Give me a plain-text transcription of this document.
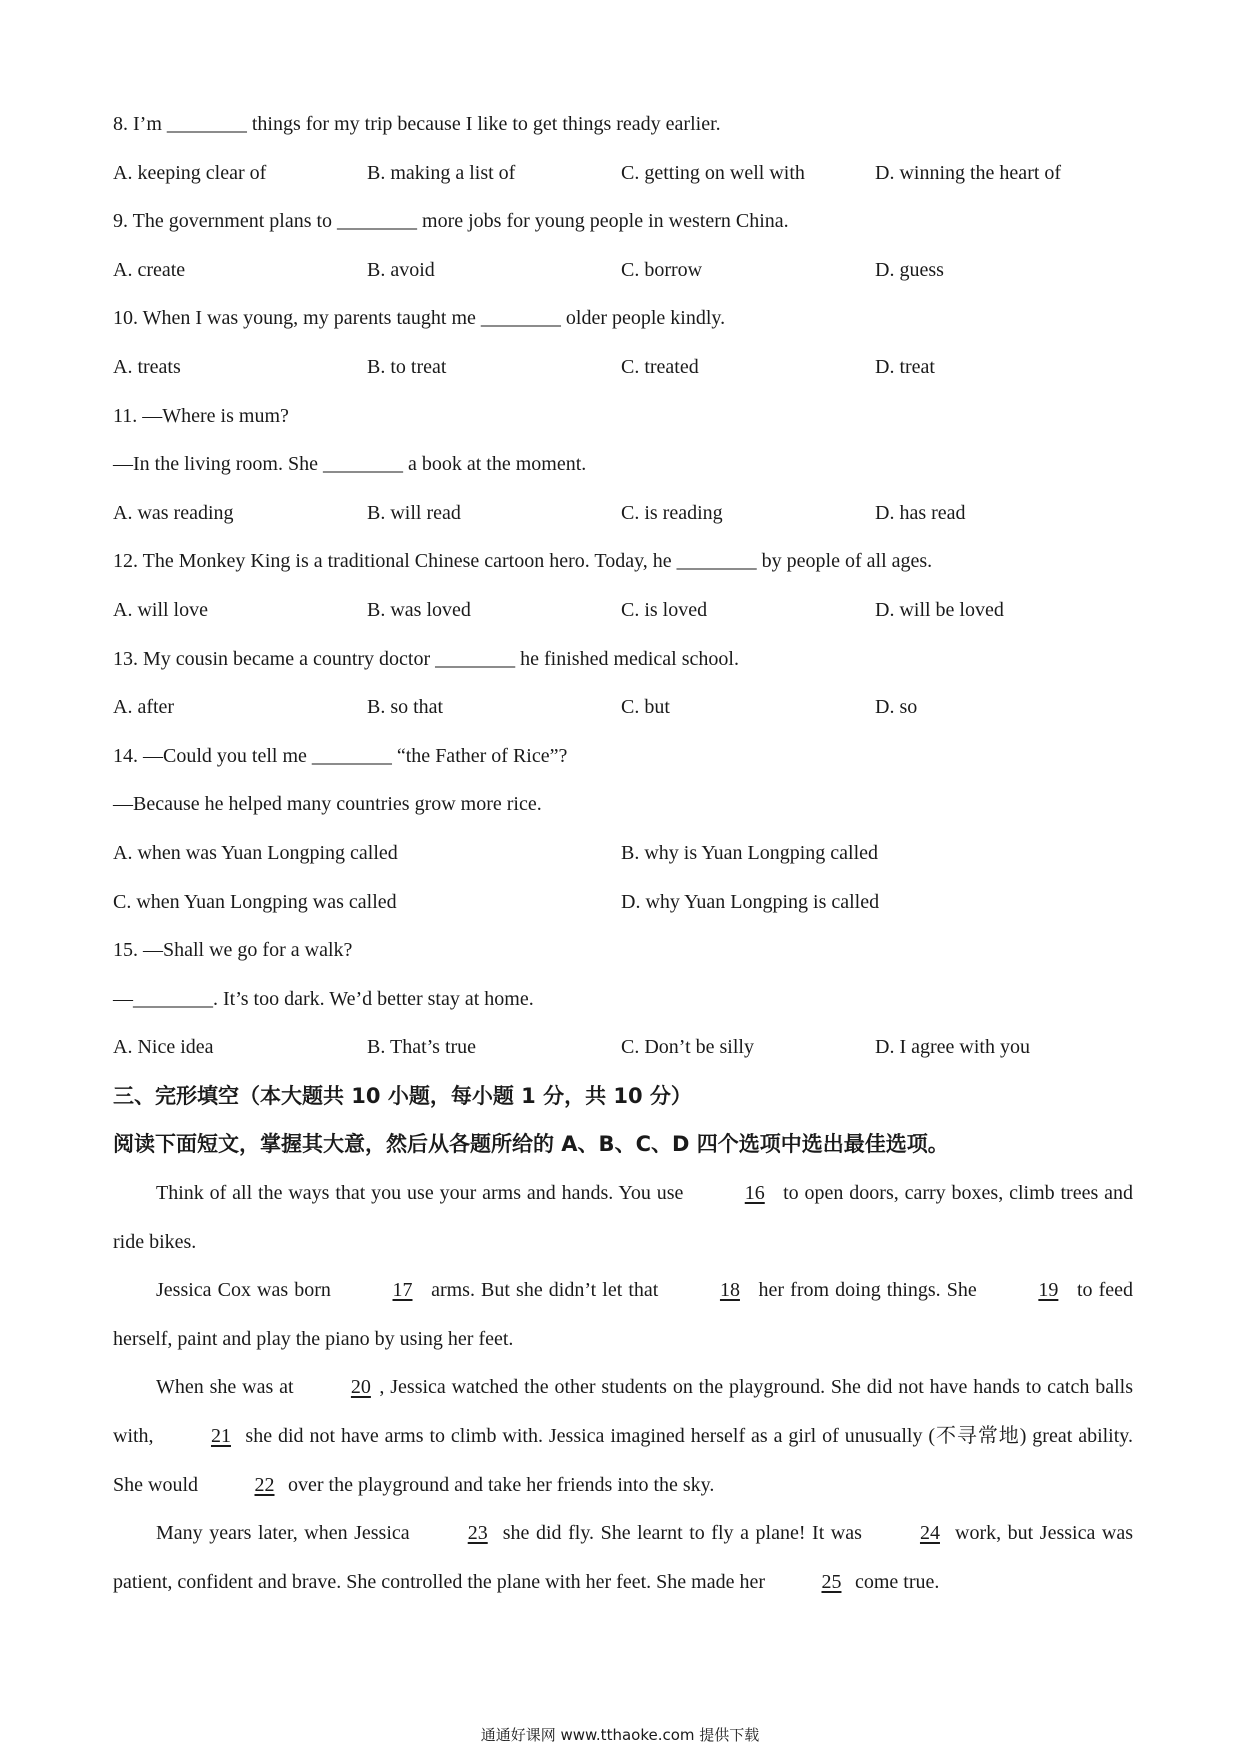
8. I’m ________ things for my trip because I like to get things ready earlier.
A. keeping clear of	B. making a list of	C. getting on well with	D. winning the heart of
9. The government plans to ________ more jobs for young people in western China.
A. create	B. avoid	C. borrow	D. guess
10. When I was young, my parents taught me ________ older people kindly.
A. treats	B. to treat	C. treated	D. treat
11. —Where is mum?
—In the living room. She ________ a book at the moment.
A. was reading	B. will read	C. is reading	D. has read
12. The Monkey King is a traditional Chinese cartoon hero. Today, he ________ by people of all ages.
A. will love	B. was loved	C. is loved	D. will be loved
13. My cousin became a country doctor ________ he finished medical school.
A. after	B. so that	C. but	D. so
14. —Could you tell me ________ “the Father of Rice”?
—Because he helped many countries grow more rice.
A. when was Yuan Longping called	B. why is Yuan Longping called
C. when Yuan Longping was called	D. why Yuan Longping is called
15. —Shall we go for a walk?
—________. It’s too dark. We’d better stay at home.
A. Nice idea	B. That’s true	C. Don’t be silly	D. I agree with you
三、完形填空（本大题共 10 小题，每小题 1 分，共 10 分）
阅读下面短文，掌握其大意，然后从各题所给的 A、B、C、D 四个选项中选出最佳选项。
Think of all the ways that you use your arms and hands. You use	16 to open doors, carry boxes, climb trees and ride bikes.
Jessica Cox was born	17 arms. But she didn’t let that	18 her from doing things. She	19 to feed herself, paint and play the piano by using her feet.
When she was at	20 , Jessica watched the other students on the playground. She did not have hands to catch balls with,	21 she did not have arms to climb with. Jessica imagined herself as a girl of unusually (不寻常地) great ability. She would	22 over the playground and take her friends into the sky.
Many years later, when Jessica	23 she did fly. She learnt to fly a plane! It was	24 work, but Jessica was patient, confident and brave. She controlled the plane with her feet. She made her	25 come true.
通通好课网 www.tthaoke.com 提供下载
